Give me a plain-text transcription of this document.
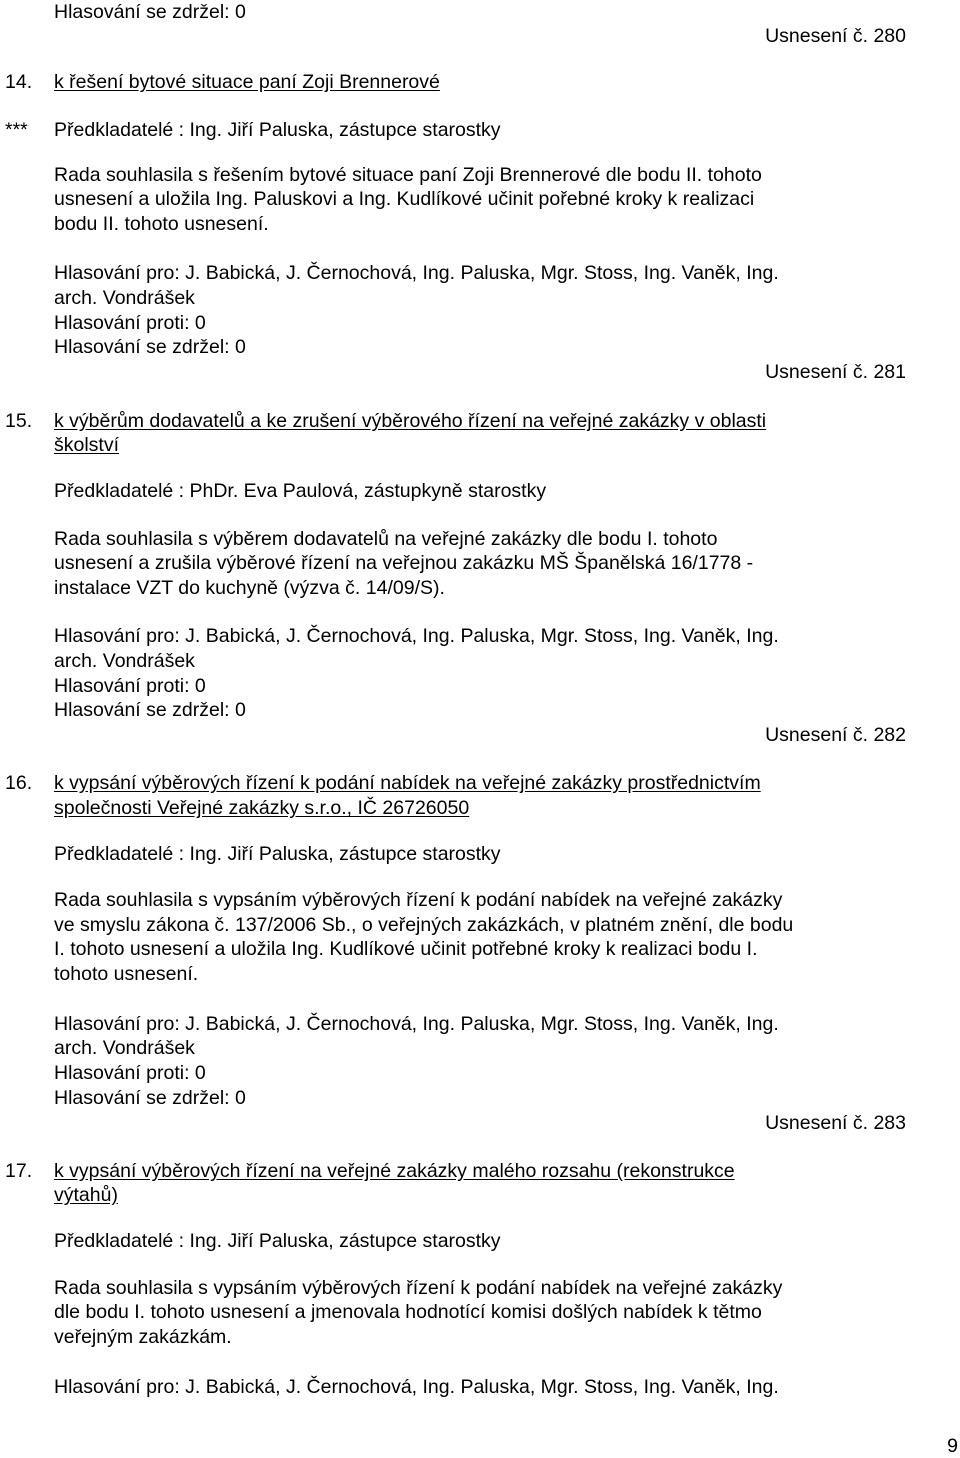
Hlasování se zdržel: 0
Usnesení č. 280
14. k řešení bytové situace paní Zoji Brennerové
*** Předkladatelé : Ing. Jiří Paluska, zástupce starostky
Rada souhlasila s řešením bytové situace paní Zoji Brennerové dle bodu II. tohoto
usnesení a uložila Ing. Paluskovi a Ing. Kudlíkové učinit pořebné kroky k realizaci
bodu II. tohoto usnesení.
Hlasování pro: J. Babická, J. Černochová, Ing. Paluska, Mgr. Stoss, Ing. Vaněk, Ing.
arch. Vondrášek
Hlasování proti: 0
Hlasování se zdržel: 0
Usnesení č. 281
15. k výběrům dodavatelů a ke zrušení výběrového řízení na veřejné zakázky v oblasti
školství
Předkladatelé : PhDr. Eva Paulová, zástupkyně starostky
Rada souhlasila s výběrem dodavatelů na veřejné zakázky dle bodu I. tohoto
usnesení a zrušila výběrové řízení na veřejnou zakázku MŠ Španělská 16/1778 -
instalace VZT do kuchyně (výzva č. 14/09/S).
Hlasování pro: J. Babická, J. Černochová, Ing. Paluska, Mgr. Stoss, Ing. Vaněk, Ing.
arch. Vondrášek
Hlasování proti: 0
Hlasování se zdržel: 0
Usnesení č. 282
16. k vypsání výběrových řízení k podání nabídek na veřejné zakázky prostřednictvím
společnosti Veřejné zakázky s.r.o., IČ 26726050
Předkladatelé : Ing. Jiří Paluska, zástupce starostky
Rada souhlasila s vypsáním výběrových řízení k podání nabídek na veřejné zakázky
ve smyslu zákona č. 137/2006 Sb., o veřejných zakázkách, v platném znění, dle bodu
I. tohoto usnesení a uložila Ing. Kudlíkové učinit potřebné kroky k realizaci bodu I.
tohoto usnesení.
Hlasování pro: J. Babická, J. Černochová, Ing. Paluska, Mgr. Stoss, Ing. Vaněk, Ing.
arch. Vondrášek
Hlasování proti: 0
Hlasování se zdržel: 0
Usnesení č. 283
17. k vypsání výběrových řízení na veřejné zakázky malého rozsahu (rekonstrukce
výtahů)
Předkladatelé : Ing. Jiří Paluska, zástupce starostky
Rada souhlasila s vypsáním výběrových řízení k podání nabídek na veřejné zakázky
dle bodu I. tohoto usnesení a jmenovala hodnotící komisi došlých nabídek k tětmo
veřejným zakázkám.
Hlasování pro: J. Babická, J. Černochová, Ing. Paluska, Mgr. Stoss, Ing. Vaněk, Ing.
9
